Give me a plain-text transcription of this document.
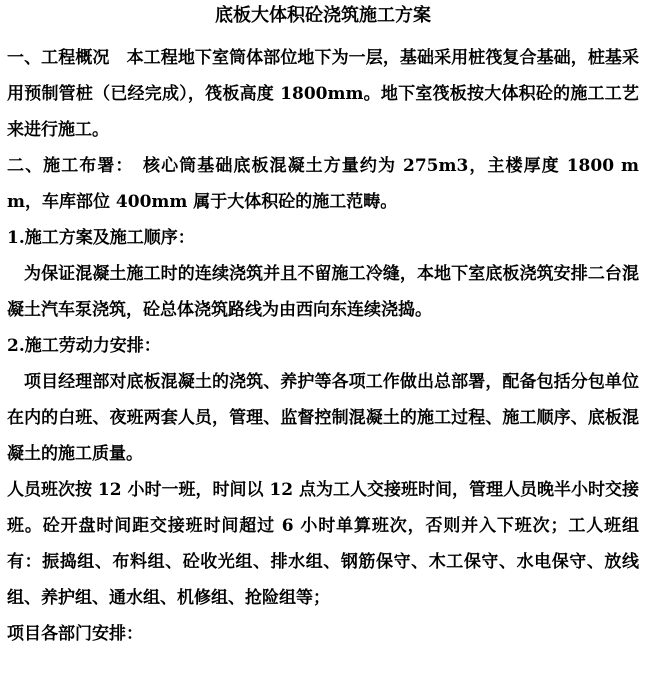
底板大体积砼浇筑施工方案

一、工程概况　本工程地下室筒体部位地下为一层，基础采用桩筏复合基础，桩基采用预制管桩（已经完成），筏板高度 1800mm。地下室筏板按大体积砼的施工工艺来进行施工。

二、施工布署：　核心筒基础底板混凝土方量约为 275m3，主楼厚度 1800 mm，车库部位 400mm 属于大体积砼的施工范畴。

1.施工方案及施工顺序：

为保证混凝土施工时的连续浇筑并且不留施工冷缝，本地下室底板浇筑安排二台混凝土汽车泵浇筑，砼总体浇筑路线为由西向东连续浇捣。

2.施工劳动力安排：

项目经理部对底板混凝土的浇筑、养护等各项工作做出总部署，配备包括分包单位在内的白班、夜班两套人员，管理、监督控制混凝土的施工过程、施工顺序、底板混凝土的施工质量。

人员班次按 12 小时一班，时间以 12 点为工人交接班时间，管理人员晚半小时交接班。砼开盘时间距交接班时间超过 6 小时单算班次，否则并入下班次；工人班组有：振捣组、布料组、砼收光组、排水组、钢筋保守、木工保守、水电保守、放线组、养护组、通水组、机修组、抢险组等；

项目各部门安排：
